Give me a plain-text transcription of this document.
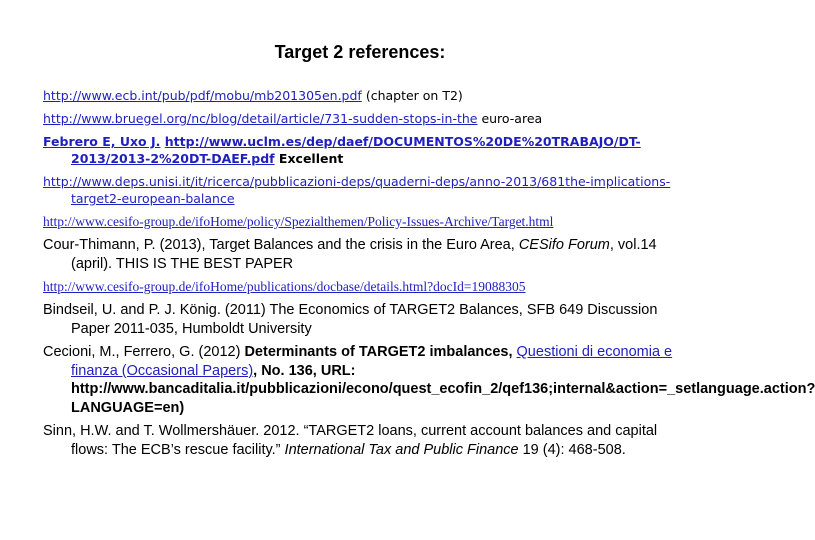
Target 2 references:

http://www.ecb.int/pub/pdf/mobu/mb201305en.pdf (chapter on T2)

http://www.bruegel.org/nc/blog/detail/article/731-sudden-stops-in-the euro-area

Febrero E, Uxo J. http://www.uclm.es/dep/daef/DOCUMENTOS%20DE%20TRABAJO/DT-2013/2013-2%20DT-DAEF.pdf Excellent

http://www.deps.unisi.it/it/ricerca/pubblicazioni-deps/quaderni-deps/anno-2013/681the-implications-target2-european-balance

http://www.cesifo-group.de/ifoHome/policy/Spezialthemen/Policy-Issues-Archive/Target.html

Cour-Thimann, P. (2013), Target Balances and the crisis in the Euro Area, CESifo Forum, vol.14 (april). THIS IS THE BEST PAPER

http://www.cesifo-group.de/ifoHome/publications/docbase/details.html?docId=19088305

Bindseil, U. and P. J. König. (2011) The Economics of TARGET2 Balances, SFB 649 Discussion Paper 2011-035, Humboldt University

Cecioni, M., Ferrero, G. (2012) Determinants of TARGET2 imbalances, Questioni di economia e finanza (Occasional Papers), No. 136, URL: http://www.bancaditalia.it/pubblicazioni/econo/quest_ecofin_2/qef136;internal&action=_setlanguage.action?LANGUAGE=en)

Sinn, H.W. and T. Wollmershäuer. 2012. “TARGET2 loans, current account balances and capital flows: The ECB’s rescue facility.” International Tax and Public Finance 19 (4): 468-508.
